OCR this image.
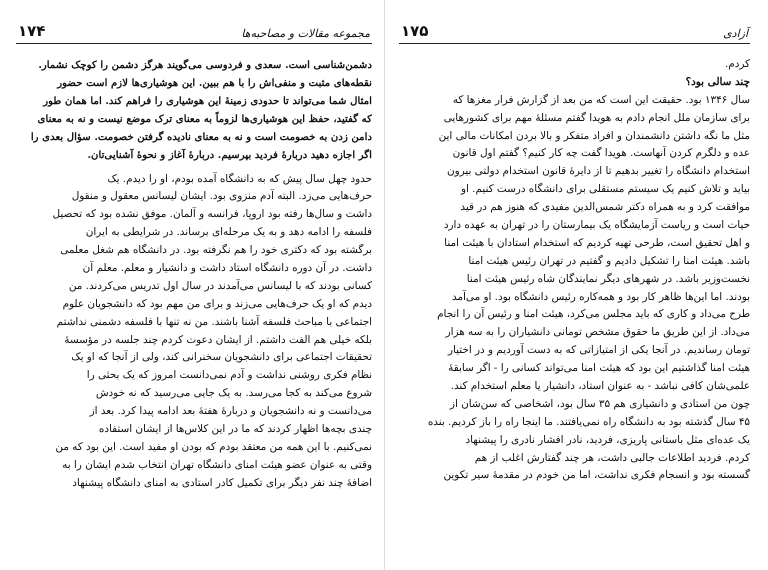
مجموعه مقالات و مصاحبه‌ها
۱۷۴
دشمن‌شناسی است. سعدی و فردوسی می‌گویند هرگز دشمن را کوچک نشمار.
نقطه‌های مثبت و منفی‌اش را با هم ببین. این هوشیاری‌ها لازم است حضور
امثال شما می‌تواند تا حدودی زمینهٔ این هوشیاری را فراهم کند. اما همان طور
که گفتید، حفظ این هوشیاری‌ها لزوماً به معنای ترک موضع نیست و نه به معنای
دامن زدن به خصومت است و نه به معنای نادیده گرفتن خصومت. سؤال بعدی را
اگر اجازه دهید دربارهٔ فردید بپرسیم. دربارهٔ آغاز و نحوهٔ آشنایی‌تان.
حدود چهل سال پیش که به دانشگاه آمده بودم، او را دیدم. یک
حرف‌هایی می‌زد. البته آدم منزوی بود. ایشان لیسانس معقول و منقول
داشت و سال‌ها رفته بود اروپا، فرانسه و آلمان. موفق نشده بود که تحصیل
فلسفه را ادامه دهد و به یک مرحله‌ای برساند. در شرایطی به ایران
برگشته بود که دکتری خود را هم نگرفته بود. در دانشگاه هم شغل معلمی
داشت. در آن دوره دانشگاه استاد داشت و دانشیار و معلم. معلم آن
کسانی بودند که با لیسانس می‌آمدند در سال اول تدریس می‌کردند. من
دیدم که او یک حرف‌هایی می‌زند و برای من مهم بود که دانشجویان علوم
اجتماعی با مباحث فلسفه آشنا باشند. من نه تنها با فلسفه دشمنی نداشتم
بلکه خیلی هم الفت داشتم. از ایشان دعوت کردم چند جلسه در مؤسسهٔ
تحقیقات اجتماعی برای دانشجویان سخنرانی کند، ولی از آنجا که او یک
نظام فکری روشنی نداشت و آدم نمی‌دانست امروز که یک بحثی را
شروع می‌کند به کجا می‌رسد. به یک جایی می‌رسید که نه خودش
می‌دانست و نه دانشجویان و دربارهٔ هفتهٔ بعد ادامه پیدا کرد. بعد از
چندی بچه‌ها اظهار کردند که ما در این کلاس‌ها از ایشان استفاده
نمی‌کنیم. با این همه من معتقد بودم که بودن او مفید است. این بود که من
وقتی به عنوان عضو هیئت امنای دانشگاه تهران انتخاب شدم ایشان را به
اضافهٔ چند نفر دیگر برای تکمیل کادر استادی به امنای دانشگاه پیشنهاد
آزادی
۱۷۵
کردم.
چند سالی بود؟
سال ۱۳۴۶ بود. حقیقت این است که من بعد از گزارش فرار مغزها که
برای سازمان ملل انجام دادم به هویدا گفتم مسئلهٔ مهم برای کشورهایی
مثل ما نگه داشتن دانشمندان و افراد متفکر و بالا بردن امکانات مالی این
عده و دلگرم کردن آنهاست. هویدا گفت چه کار کنیم؟ گفتم اول قانون
استخدام دانشگاه را تغییر بدهیم تا از دایرهٔ قانون استخدام دولتی بیرون
بیاید و تلاش کنیم یک سیستم مستقلی برای دانشگاه درست کنیم. او
موافقت کرد و به همراه دکتر شمس‌الدین مفیدی که هنوز هم در قید
حیات است و ریاست آزمایشگاه یک بیمارستان را در تهران به عهده دارد
و اهل تحقیق است، طرحی تهیه کردیم که استخدام استادان با هیئت امنا
باشد. هیئت امنا را تشکیل دادیم و گفتیم در تهران رئیس هیئت امنا
نخست‌وزیر باشد. در شهرهای دیگر نمایندگان شاه رئیس هیئت امنا
بودند. اما این‌ها ظاهر کار بود و همه‌کاره رئیس دانشگاه بود. او می‌آمد
طرح می‌داد و کاری که باید مجلس می‌کرد، هیئت امنا و رئیس آن را انجام
می‌داد. از این طریق ما حقوق مشخص تومانی دانشیاران را به سه هزار
تومان رساندیم. در آنجا یکی از امتیازاتی که به دست آوردیم و در اختیار
هیئت امنا گذاشتیم این بود که هیئت امنا می‌تواند کسانی را - اگر سابقهٔ
علمی‌شان کافی نباشد - به عنوان استاد، دانشیار یا معلم استخدام کند.
چون من استادی و دانشیاری هم ۳۵ سال بود، اشخاصی که سن‌شان از
۴۵ سال گذشته بود به دانشگاه راه نمی‌یافتند. ما اینجا راه را باز کردیم. بنده
یک عده‌ای مثل باستانی پاریزی، فردید، نادر افشار نادری را پیشنهاد
کردم. فردید اطلاعات جالبی داشت، هر چند گفتارش اغلب از هم
گسسته بود و انسجام فکری نداشت، اما من خودم در مقدمهٔ سیر تکوین
